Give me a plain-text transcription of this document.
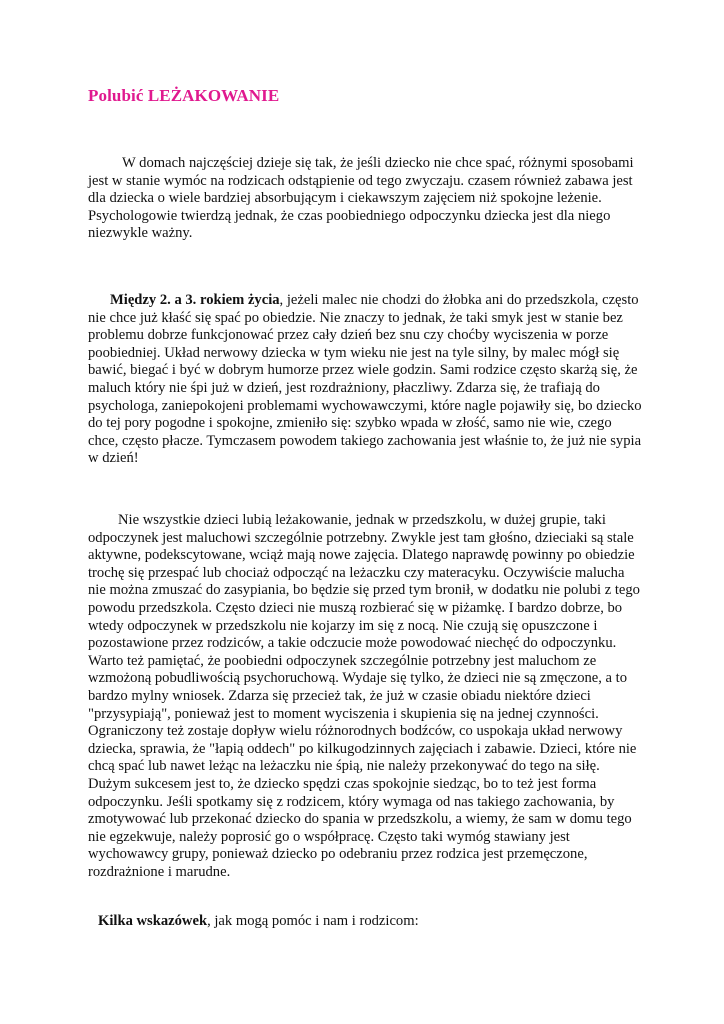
Polubić LEŻAKOWANIE

W domach najczęściej dzieje się tak, że jeśli dziecko nie chce spać, różnymi sposobami jest w stanie wymóc na rodzicach odstąpienie od tego zwyczaju. czasem również zabawa jest dla dziecka o wiele bardziej absorbującym i ciekawszym zajęciem niż spokojne leżenie. Psychologowie twierdzą jednak, że czas poobiedniego odpoczynku dziecka jest dla niego niezwykle ważny.

Między 2. a 3. rokiem życia, jeżeli malec nie chodzi do żłobka ani do przedszkola, często nie chce już kłaść się spać po obiedzie. Nie znaczy to jednak, że taki smyk jest w stanie bez problemu dobrze funkcjonować przez cały dzień bez snu czy choćby wyciszenia w porze poobiedniej. Układ nerwowy dziecka w tym wieku nie jest na tyle silny, by malec mógł się bawić, biegać i być w dobrym humorze przez wiele godzin. Sami rodzice często skarżą się, że maluch który nie śpi już w dzień, jest rozdrażniony, płaczliwy. Zdarza się, że trafiają do psychologa, zaniepokojeni problemami wychowawczymi, które nagle pojawiły się, bo dziecko do tej pory pogodne i spokojne, zmieniło się: szybko wpada w złość, samo nie wie, czego chce, często płacze. Tymczasem powodem takiego zachowania jest właśnie to, że już nie sypia w dzień!

Nie wszystkie dzieci lubią leżakowanie, jednak w przedszkolu, w dużej grupie, taki odpoczynek jest maluchowi szczególnie potrzebny. Zwykle jest tam głośno, dzieciaki są stale aktywne, podekscytowane, wciąż mają nowe zajęcia. Dlatego naprawdę powinny po obiedzie trochę się przespać lub chociaż odpocząć na leżaczku czy materacyku. Oczywiście malucha nie można zmuszać do zasypiania, bo będzie się przed tym bronił, w dodatku nie polubi z tego powodu przedszkola. Często dzieci nie muszą rozbierać się w piżamkę. I bardzo dobrze, bo wtedy odpoczynek w przedszkolu nie kojarzy im się z nocą. Nie czują się opuszczone i pozostawione przez rodziców, a takie odczucie może powodować niechęć do odpoczynku. Warto też pamiętać, że poobiedni odpoczynek szczególnie potrzebny jest maluchom ze wzmożoną pobudliwością psychoruchową. Wydaje się tylko, że dzieci nie są zmęczone, a to bardzo mylny wniosek. Zdarza się przecież tak, że już w czasie obiadu niektóre dzieci "przysypiają", ponieważ jest to moment wyciszenia i skupienia się na jednej czynności. Ograniczony też zostaje dopływ wielu różnorodnych bodźców, co uspokaja układ nerwowy dziecka, sprawia, że "łapią oddech" po kilkugodzinnych zajęciach i zabawie. Dzieci, które nie chcą spać lub nawet leżąc na leżaczku nie śpią, nie należy przekonywać do tego na siłę. Dużym sukcesem jest to, że dziecko spędzi czas spokojnie siedząc, bo to też jest forma odpoczynku. Jeśli spotkamy się z rodzicem, który wymaga od nas takiego zachowania, by zmotywować lub przekonać dziecko do spania w przedszkolu, a wiemy, że sam w domu tego nie egzekwuje, należy poprosić go o współpracę. Często taki wymóg stawiany jest wychowawcy grupy, ponieważ dziecko po odebraniu przez rodzica jest przemęczone, rozdrażnione i marudne.

Kilka wskazówek, jak mogą pomóc i nam i rodzicom:
